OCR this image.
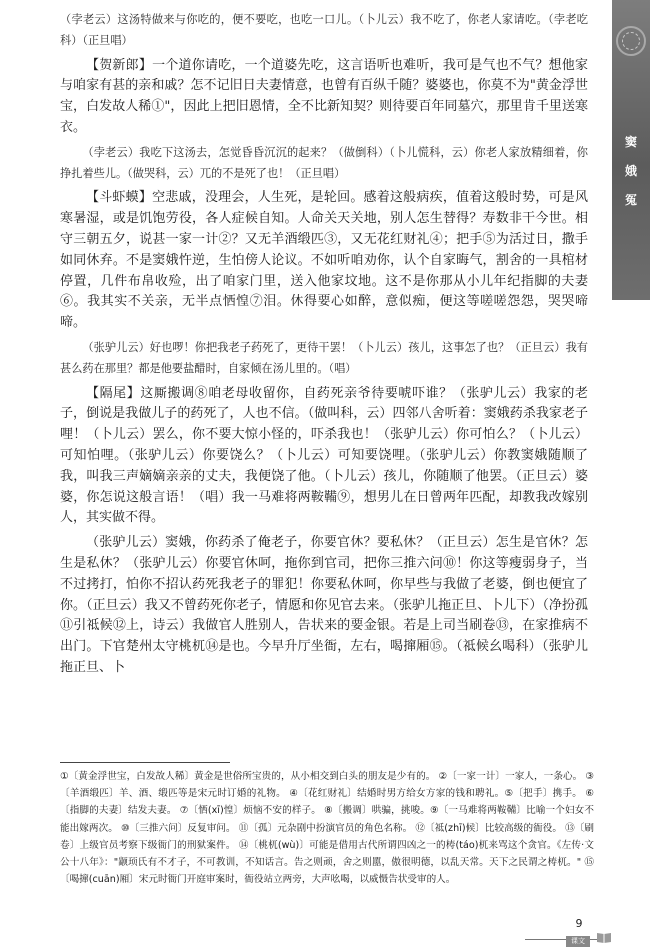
窦
娥
冤

（孛老云）这汤特做来与你吃的，便不要吃，也吃一口儿。（卜儿云）我不吃了，你老人家请吃。（孛老吃科）（正旦唱）

【贺新郎】一个道你请吃，一个道婆先吃，这言语听也难听，我可是气也不气？想他家与咱家有甚的亲和戚？怎不记旧日夫妻情意，也曾有百纵千随？婆婆也，你莫不为"黄金浮世宝，白发故人稀①"，因此上把旧恩情，全不比新知契？则待要百年同墓穴，那里肯千里送寒衣。

（孛老云）我吃下这汤去，怎觉昏昏沉沉的起来？（做倒科）（卜儿慌科，云）你老人家放精细着，你挣扎着些儿。（做哭科，云）兀的不是死了也！（正旦唱）

【斗虾蟆】空悲戚，没理会，人生死，是轮回。感着这般病疾，值着这般时势，可是风寒暑湿，或是饥饱劳役，各人症候自知。人命关天关地，别人怎生替得？寿数非干今世。相守三朝五夕，说甚一家一计②？又无羊酒缎匹③，又无花红财礼④；把手⑤为活过日，撒手如同休弃。不是窦娥忤逆，生怕傍人论议。不如听咱劝你，认个自家晦气，割舍的一具棺材停置，几件布帛收殓，出了咱家门里，送入他家坟地。这不是你那从小儿年纪指脚的夫妻⑥。我其实不关亲，无半点恓惶⑦泪。休得要心如醉，意似痴，便这等嗟嗟怨怨，哭哭啼啼。

（张驴儿云）好也啰！你把我老子药死了，更待干罢！（卜儿云）孩儿，这事怎了也？（正旦云）我有甚么药在那里？都是他要盐醋时，自家倾在汤儿里的。（唱）

【隔尾】这厮搬调⑧咱老母收留你，自药死亲爷待要唬吓谁？（张驴儿云）我家的老子，倒说是我做儿子的药死了，人也不信。（做叫科，云）四邻八舍听着：窦娥药杀我家老子哩！（卜儿云）罢么，你不要大惊小怪的，吓杀我也！（张驴儿云）你可怕么？（卜儿云）可知怕哩。（张驴儿云）你要饶么？（卜儿云）可知要饶哩。（张驴儿云）你教窦娥随顺了我，叫我三声嫡嫡亲亲的丈夫，我便饶了他。（卜儿云）孩儿，你随顺了他罢。（正旦云）婆婆，你怎说这般言语！（唱）我一马难将两鞍鞴⑨，想男儿在日曾两年匹配，却教我改嫁别人，其实做不得。

（张驴儿云）窦娥，你药杀了俺老子，你要官休？要私休？（正旦云）怎生是官休？怎生是私休？（张驴儿云）你要官休呵，拖你到官司，把你三推六问⑩！你这等瘦弱身子，当不过拷打，怕你不招认药死我老子的罪犯！你要私休呵，你早些与我做了老婆，倒也便宜了你。（正旦云）我又不曾药死你老子，情愿和你见官去来。（张驴儿拖正旦、卜儿下）（净扮孤⑪引祗候⑫上，诗云）我做官人胜别人，告状来的要金银。若是上司当刷卷⑬，在家推病不出门。下官楚州太守桃杌⑭是也。今早升厅坐衙，左右，喝撺厢⑮。（祗候幺喝科）（张驴儿拖正旦、卜

①〔黄金浮世宝，白发故人稀〕黄金是世俗所宝贵的，从小相交到白头的朋友是少有的。 ②〔一家一计〕一家人，一条心。 ③〔羊酒缎匹〕羊、酒、缎匹等是宋元时订婚的礼物。 ④〔花红财礼〕结婚时男方给女方家的钱和聘礼。⑤〔把手〕携手。 ⑥〔指脚的夫妻〕结发夫妻。 ⑦〔恓(xī)惶〕烦恼不安的样子。 ⑧〔搬调〕哄骗，挑唆。⑨〔一马难将两鞍鞴〕比喻一个妇女不能出嫁两次。 ⑩〔三推六问〕反复审问。 ⑪〔孤〕元杂剧中扮演官员的角色名称。 ⑫〔祗(zhī)候〕比较高级的衙役。 ⑬〔刷卷〕上级官员考察下级衙门的刑狱案件。 ⑭〔桃杌(wù)〕可能是借用古代所谓四凶之一的梼(táo)杌来骂这个贪官。《左传·文公十八年》："颛顼氏有不才子，不可教训，不知话言。告之则顽，舍之则嚚，傲很明德，以乱天常。天下之民谓之梼杌。" ⑮〔喝撺(cuān)厢〕宋元时衙门开庭审案时，衙役站立两旁，大声吆喝，以威慑告状受审的人。

9
课文
